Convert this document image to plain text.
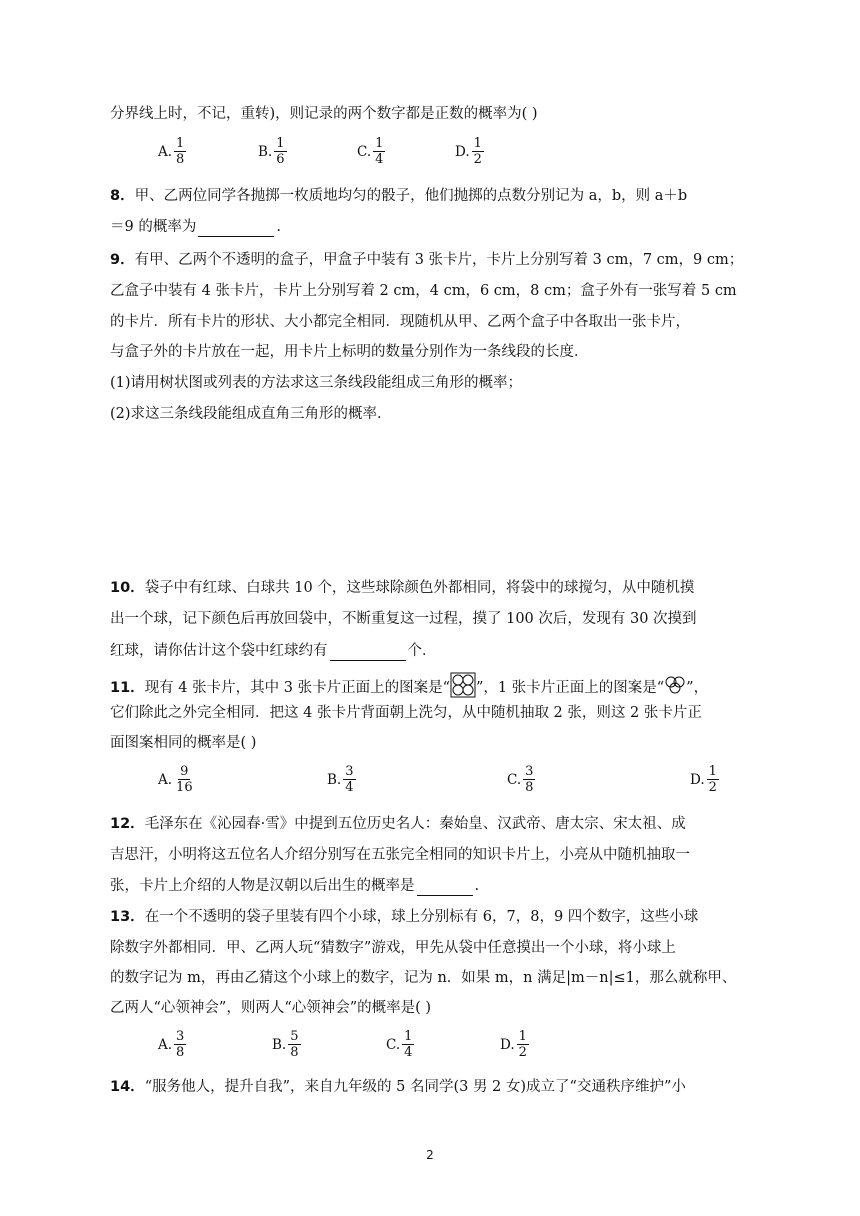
分界线上时，不记，重转)，则记录的两个数字都是正数的概率为( )
A. $\frac{1}{8}$	B. $\frac{1}{6}$	C. $\frac{1}{4}$	D. $\frac{1}{2}$
8．甲、乙两位同学各抛掷一枚质地均匀的骰子，他们抛掷的点数分别记为 a，b，则 a＋b
＝9 的概率为	.
9．有甲、乙两个不透明的盒子，甲盒子中装有 3 张卡片，卡片上分别写着 3 cm，7 cm，9 cm；
乙盒子中装有 4 张卡片，卡片上分别写着 2 cm，4 cm，6 cm，8 cm；盒子外有一张写着 5 cm
的卡片．所有卡片的形状、大小都完全相同．现随机从甲、乙两个盒子中各取出一张卡片，
与盒子外的卡片放在一起，用卡片上标明的数量分别作为一条线段的长度．
(1)请用树状图或列表的方法求这三条线段能组成三角形的概率；
(2)求这三条线段能组成直角三角形的概率．
10．袋子中有红球、白球共 10 个，这些球除颜色外都相同，将袋中的球搅匀，从中随机摸
出一个球，记下颜色后再放回袋中，不断重复这一过程，摸了 100 次后，发现有 30 次摸到
红球，请你估计这个袋中红球约有	个．
11．现有 4 张卡片，其中 3 张卡片正面上的图案是“ ”，1 张卡片正面上的图案是“ ”，
它们除此之外完全相同．把这 4 张卡片背面朝上洗匀，从中随机抽取 2 张，则这 2 张卡片正
面图案相同的概率是( )
A. $\frac{9}{16}$	B. $\frac{3}{4}$	C. $\frac{3}{8}$	D. $\frac{1}{2}$
12．毛泽东在《沁园春·雪》中提到五位历史名人：秦始皇、汉武帝、唐太宗、宋太祖、成
吉思汗，小明将这五位名人介绍分别写在五张完全相同的知识卡片上，小亮从中随机抽取一
张，卡片上介绍的人物是汉朝以后出生的概率是	.
13．在一个不透明的袋子里装有四个小球，球上分别标有 6，7，8，9 四个数字，这些小球
除数字外都相同．甲、乙两人玩“猜数字”游戏，甲先从袋中任意摸出一个小球，将小球上
的数字记为 m，再由乙猜这个小球上的数字，记为 n．如果 m，n 满足|m－n|≤1，那么就称甲、
乙两人“心领神会”，则两人“心领神会”的概率是( )
A. $\frac{3}{8}$	B. $\frac{5}{8}$	C. $\frac{1}{4}$	D. $\frac{1}{2}$
14．“服务他人，提升自我”，来自九年级的 5 名同学(3 男 2 女)成立了“交通秩序维护”小
2
